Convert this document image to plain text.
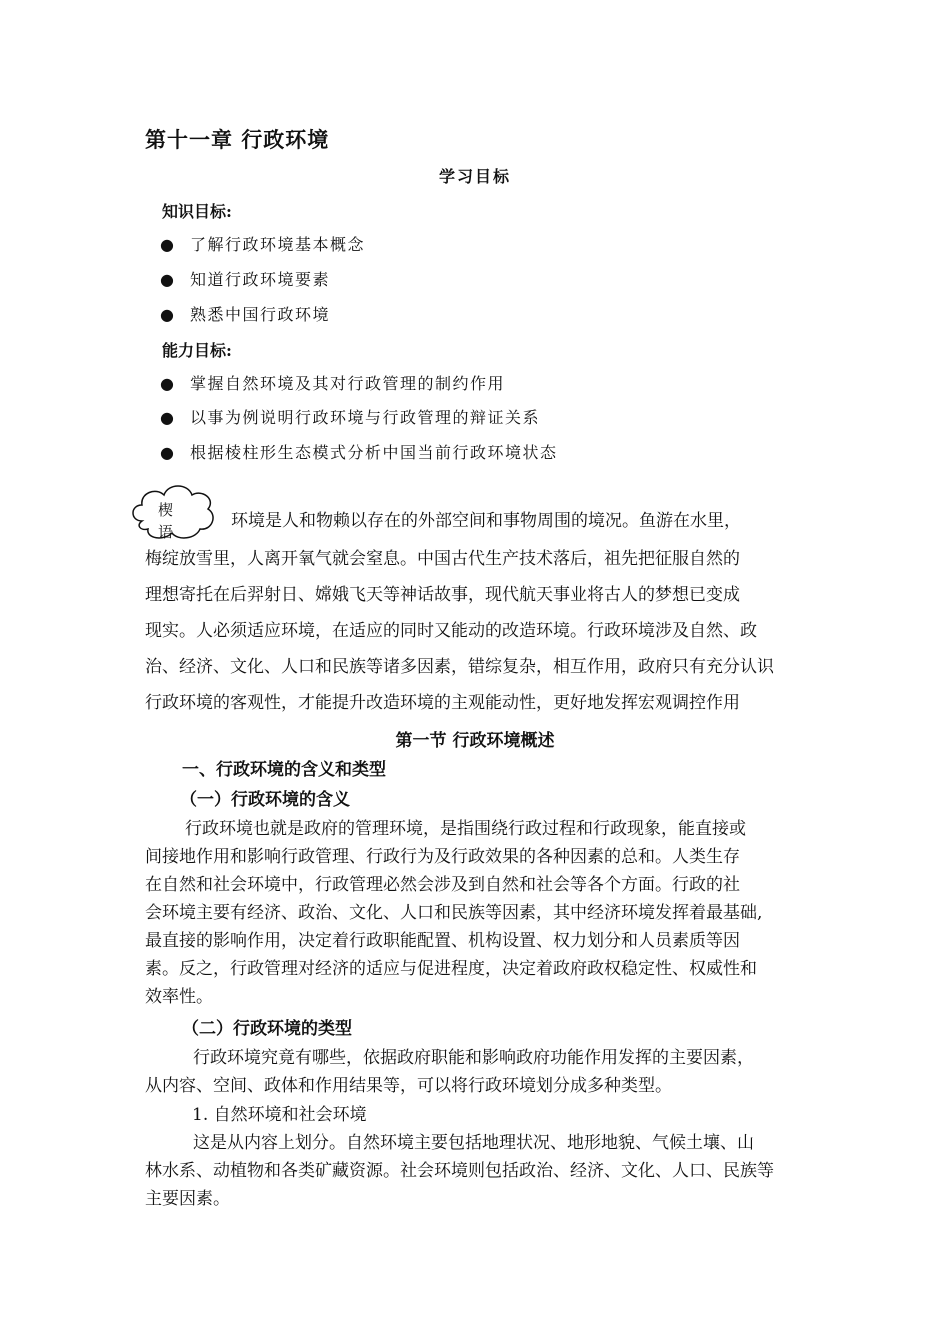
第十一章 行政环境
学习目标
知识目标:
● 了解行政环境基本概念
● 知道行政环境要素
● 熟悉中国行政环境
能力目标:
● 掌握自然环境及其对行政管理的制约作用
● 以事为例说明行政环境与行政管理的辩证关系
● 根据棱柱形生态模式分析中国当前行政环境状态
楔语
环境是人和物赖以存在的外部空间和事物周围的境况。鱼游在水里，
梅绽放雪里，人离开氧气就会窒息。中国古代生产技术落后，祖先把征服自然的
理想寄托在后羿射日、嫦娥飞天等神话故事，现代航天事业将古人的梦想已变成
现实。人必须适应环境，在适应的同时又能动的改造环境。行政环境涉及自然、政
治、经济、文化、人口和民族等诸多因素，错综复杂，相互作用，政府只有充分认识
行政环境的客观性，才能提升改造环境的主观能动性，更好地发挥宏观调控作用
第一节 行政环境概述
一、行政环境的含义和类型
（一）行政环境的含义
行政环境也就是政府的管理环境，是指围绕行政过程和行政现象，能直接或
间接地作用和影响行政管理、行政行为及行政效果的各种因素的总和。人类生存
在自然和社会环境中，行政管理必然会涉及到自然和社会等各个方面。行政的社
会环境主要有经济、政治、文化、人口和民族等因素，其中经济环境发挥着最基础,
最直接的影响作用，决定着行政职能配置、机构设置、权力划分和人员素质等因
素。反之，行政管理对经济的适应与促进程度，决定着政府政权稳定性、权威性和
效率性。
（二）行政环境的类型
行政环境究竟有哪些，依据政府职能和影响政府功能作用发挥的主要因素，
从内容、空间、政体和作用结果等，可以将行政环境划分成多种类型。
1. 自然环境和社会环境
这是从内容上划分。自然环境主要包括地理状况、地形地貌、气候土壤、山
林水系、动植物和各类矿藏资源。社会环境则包括政治、经济、文化、人口、民族等
主要因素。
